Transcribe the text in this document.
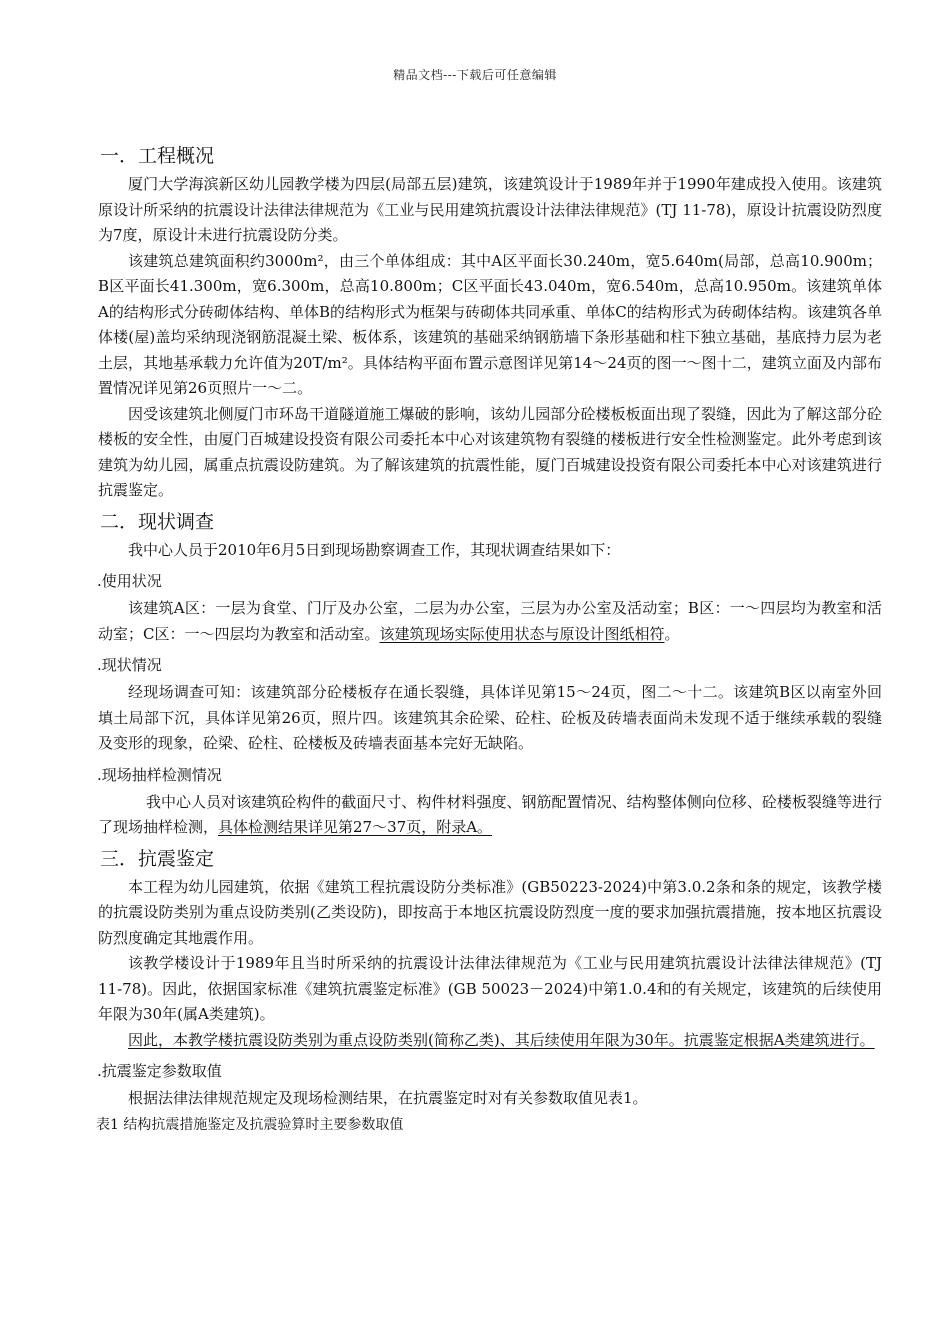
精品文档---下载后可任意编辑
一．工程概况

厦门大学海滨新区幼儿园教学楼为四层(局部五层)建筑，该建筑设计于1989年并于1990年建成投入使用。该建筑原设计所采纳的抗震设计法律法律规范为《工业与民用建筑抗震设计法律法律规范》(TJ 11-78)，原设计抗震设防烈度为7度，原设计未进行抗震设防分类。

该建筑总建筑面积约3000m²，由三个单体组成：其中A区平面长30.240m，宽5.640m(局部，总高10.900m；B区平面长41.300m，宽6.300m，总高10.800m；C区平面长43.040m，宽6.540m，总高10.950m。该建筑单体A的结构形式分砖砌体结构、单体B的结构形式为框架与砖砌体共同承重、单体C的结构形式为砖砌体结构。该建筑各单体楼(屋)盖均采纳现浇钢筋混凝土梁、板体系，该建筑的基础采纳钢筋墙下条形基础和柱下独立基础，基底持力层为老土层，其地基承载力允许值为20T/m²。具体结构平面布置示意图详见第14～24页的图一～图十二，建筑立面及内部布置情况详见第26页照片一～二。

因受该建筑北侧厦门市环岛干道隧道施工爆破的影响，该幼儿园部分砼楼板板面出现了裂缝，因此为了解这部分砼楼板的安全性，由厦门百城建设投资有限公司委托本中心对该建筑物有裂缝的楼板进行安全性检测鉴定。此外考虑到该建筑为幼儿园，属重点抗震设防建筑。为了解该建筑的抗震性能，厦门百城建设投资有限公司委托本中心对该建筑进行抗震鉴定。

二．现状调查

我中心人员于2010年6月5日到现场勘察调查工作，其现状调查结果如下：

.使用状况

该建筑A区：一层为食堂、门厅及办公室，二层为办公室，三层为办公室及活动室；B区：一～四层均为教室和活动室；C区：一～四层均为教室和活动室。该建筑现场实际使用状态与原设计图纸相符。

.现状情况

经现场调查可知：该建筑部分砼楼板存在通长裂缝，具体详见第15～24页，图二～十二。该建筑B区以南室外回填土局部下沉，具体详见第26页，照片四。该建筑其余砼梁、砼柱、砼板及砖墙表面尚未发现不适于继续承载的裂缝及变形的现象，砼梁、砼柱、砼楼板及砖墙表面基本完好无缺陷。

.现场抽样检测情况

我中心人员对该建筑砼构件的截面尺寸、构件材料强度、钢筋配置情况、结构整体侧向位移、砼楼板裂缝等进行了现场抽样检测，具体检测结果详见第27～37页，附录A。

三．抗震鉴定

本工程为幼儿园建筑，依据《建筑工程抗震设防分类标准》(GB50223-2024)中第3.0.2条和条的规定，该教学楼的抗震设防类别为重点设防类别(乙类设防)，即按高于本地区抗震设防烈度一度的要求加强抗震措施，按本地区抗震设防烈度确定其地震作用。

该教学楼设计于1989年且当时所采纳的抗震设计法律法律规范为《工业与民用建筑抗震设计法律法律规范》(TJ 11-78)。因此，依据国家标准《建筑抗震鉴定标准》(GB 50023－2024)中第1.0.4和的有关规定，该建筑的后续使用年限为30年(属A类建筑)。

因此，本教学楼抗震设防类别为重点设防类别(简称乙类)、其后续使用年限为30年。抗震鉴定根据A类建筑进行。

.抗震鉴定参数取值

根据法律法律规范规定及现场检测结果，在抗震鉴定时对有关参数取值见表1。

表1 结构抗震措施鉴定及抗震验算时主要参数取值
